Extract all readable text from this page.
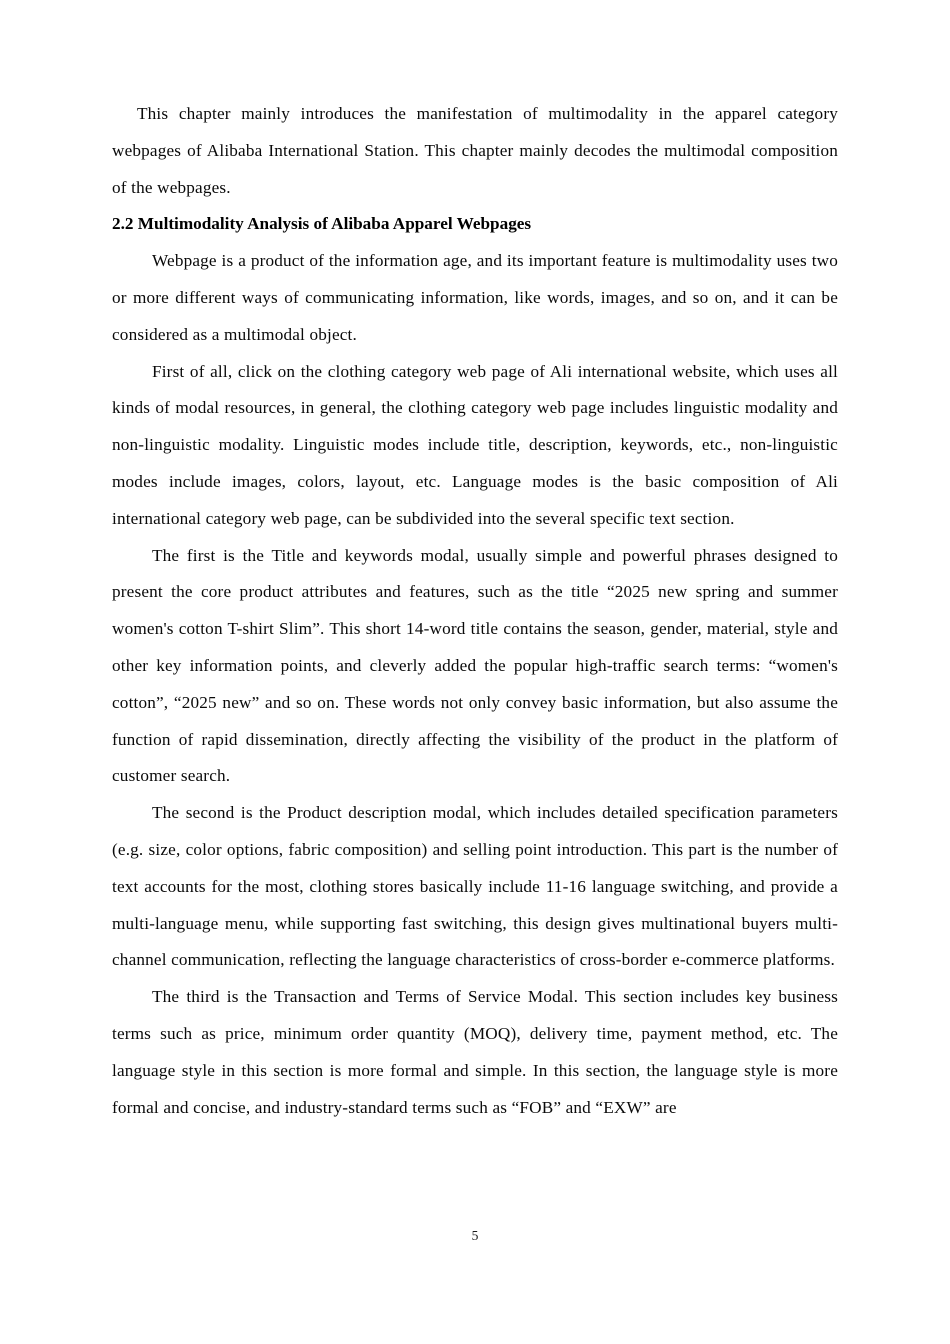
This chapter mainly introduces the manifestation of multimodality in the apparel category webpages of Alibaba International Station. This chapter mainly decodes the multimodal composition of the webpages.

2.2 Multimodality Analysis of Alibaba Apparel Webpages

Webpage is a product of the information age, and its important feature is multimodality uses two or more different ways of communicating information, like words, images, and so on, and it can be considered as a multimodal object.

First of all, click on the clothing category web page of Ali international website, which uses all kinds of modal resources, in general, the clothing category web page includes linguistic modality and non-linguistic modality. Linguistic modes include title, description, keywords, etc., non-linguistic modes include images, colors, layout, etc. Language modes is the basic composition of Ali international category web page, can be subdivided into the several specific text section.

The first is the Title and keywords modal, usually simple and powerful phrases designed to present the core product attributes and features, such as the title “2025 new spring and summer women's cotton T-shirt Slim”. This short 14-word title contains the season, gender, material, style and other key information points, and cleverly added the popular high-traffic search terms: “women's cotton”, “2025 new” and so on. These words not only convey basic information, but also assume the function of rapid dissemination, directly affecting the visibility of the product in the platform of customer search.

The second is the Product description modal, which includes detailed specification parameters (e.g. size, color options, fabric composition) and selling point introduction. This part is the number of text accounts for the most, clothing stores basically include 11-16 language switching, and provide a multi-language menu, while supporting fast switching, this design gives multinational buyers multi-channel communication, reflecting the language characteristics of cross-border e-commerce platforms.

The third is the Transaction and Terms of Service Modal. This section includes key business terms such as price, minimum order quantity (MOQ), delivery time, payment method, etc. The language style in this section is more formal and simple. In this section, the language style is more formal and concise, and industry-standard terms such as “FOB” and “EXW” are

5
